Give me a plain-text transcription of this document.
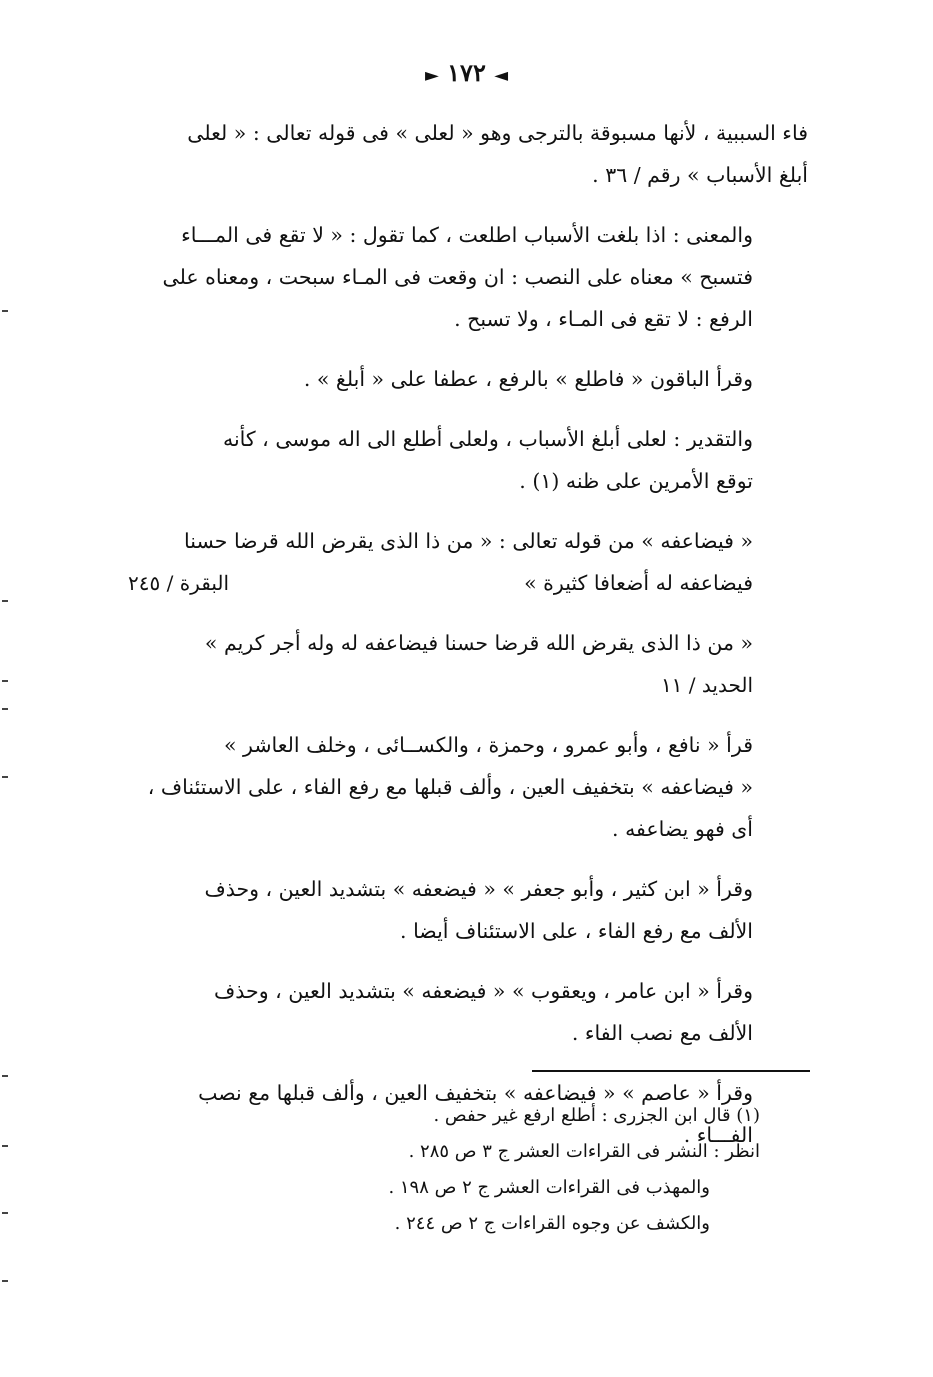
◄ ١٧٢ ►
فاء السببية ، لأنها مسبوقة بالترجى وهو « لعلى » فى قوله تعالى : « لعلى
أبلغ الأسباب » رقم / ٣٦ .
والمعنى : اذا بلغت الأسباب اطلعت ، كما تقول : « لا تقع فى المـــاء
فتسبح » معناه على النصب : ان وقعت فى المـاء سبحت ، ومعناه على
الرفع : لا تقع فى المـاء ، ولا تسبح .
وقرأ الباقون « فاطلع » بالرفع ، عطفا على « أبلغ » .
والتقدير : لعلى أبلغ الأسباب ، ولعلى أطلع الى اله موسى ، كأنه
توقع الأمرين على ظنه (١) .
« فيضاعفه » من قوله تعالى : « من ذا الذى يقرض الله قرضا حسنا
فيضاعفه له أضعافا كثيرة »
البقرة / ٢٤٥
« من ذا الذى يقرض الله قرضا حسنا فيضاعفه له وله أجر كريم »
الحديد / ١١
قرأ « نافع ، وأبو عمرو ، وحمزة ، والكســائى ، وخلف العاشر »
« فيضاعفه » بتخفيف العين ، وألف قبلها مع رفع الفاء ، على الاستئناف ،
أى فهو يضاعفه .
وقرأ « ابن كثير ، وأبو جعفر » « فيضعفه » بتشديد العين ، وحذف
الألف مع رفع الفاء ، على الاستئناف أيضا .
وقرأ « ابن عامر ، ويعقوب » « فيضعفه » بتشديد العين ، وحذف
الألف مع نصب الفاء .
وقرأ « عاصم » « فيضاعفه » بتخفيف العين ، وألف قبلها مع نصب
الفـــاء .
(١) قال ابن الجزرى : أطلع ارفع غير حفص .
انظر : النشر فى القراءات العشر ج ٣ ص ٢٨٥ .
والمهذب فى القراءات العشر ج ٢ ص ١٩٨ .
والكشف عن وجوه القراءات ج ٢ ص ٢٤٤ .
